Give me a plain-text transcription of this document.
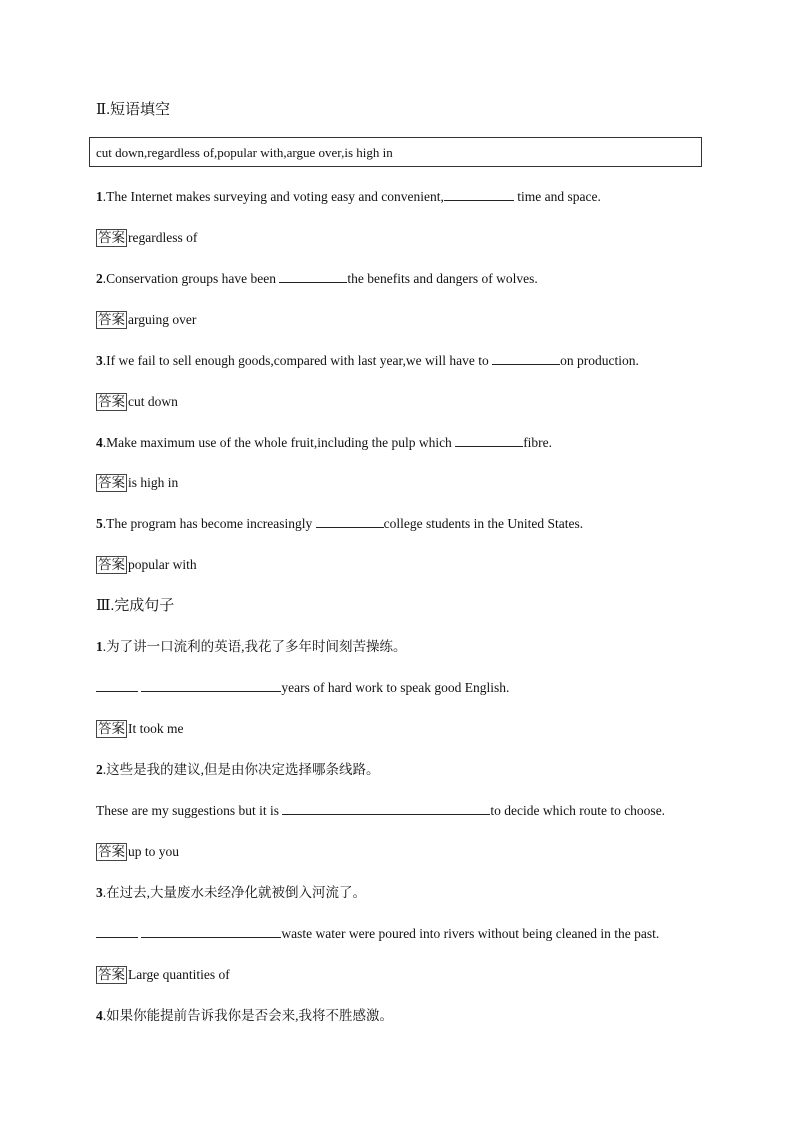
Ⅱ.短语填空
cut down,regardless of,popular with,argue over,is high in
1.The Internet makes surveying and voting easy and convenient,	time and space.
答案 regardless of
2.Conservation groups have been	the benefits and dangers of wolves.
答案 arguing over
3.If we fail to sell enough goods,compared with last year,we will have to	on production.
答案 cut down
4.Make maximum use of the whole fruit,including the pulp which	fibre.
答案 is high in
5.The program has become increasingly	college students in the United States.
答案 popular with
Ⅲ.完成句子
1.为了讲一口流利的英语,我花了多年时间刻苦操练。
years of hard work to speak good English.
答案 It took me
2.这些是我的建议,但是由你决定选择哪条线路。
These are my suggestions but it is	to decide which route to choose.
答案 up to you
3.在过去,大量废水未经净化就被倒入河流了。
waste water were poured into rivers without being cleaned in the past.
答案 Large quantities of
4.如果你能提前告诉我你是否会来,我将不胜感激。
